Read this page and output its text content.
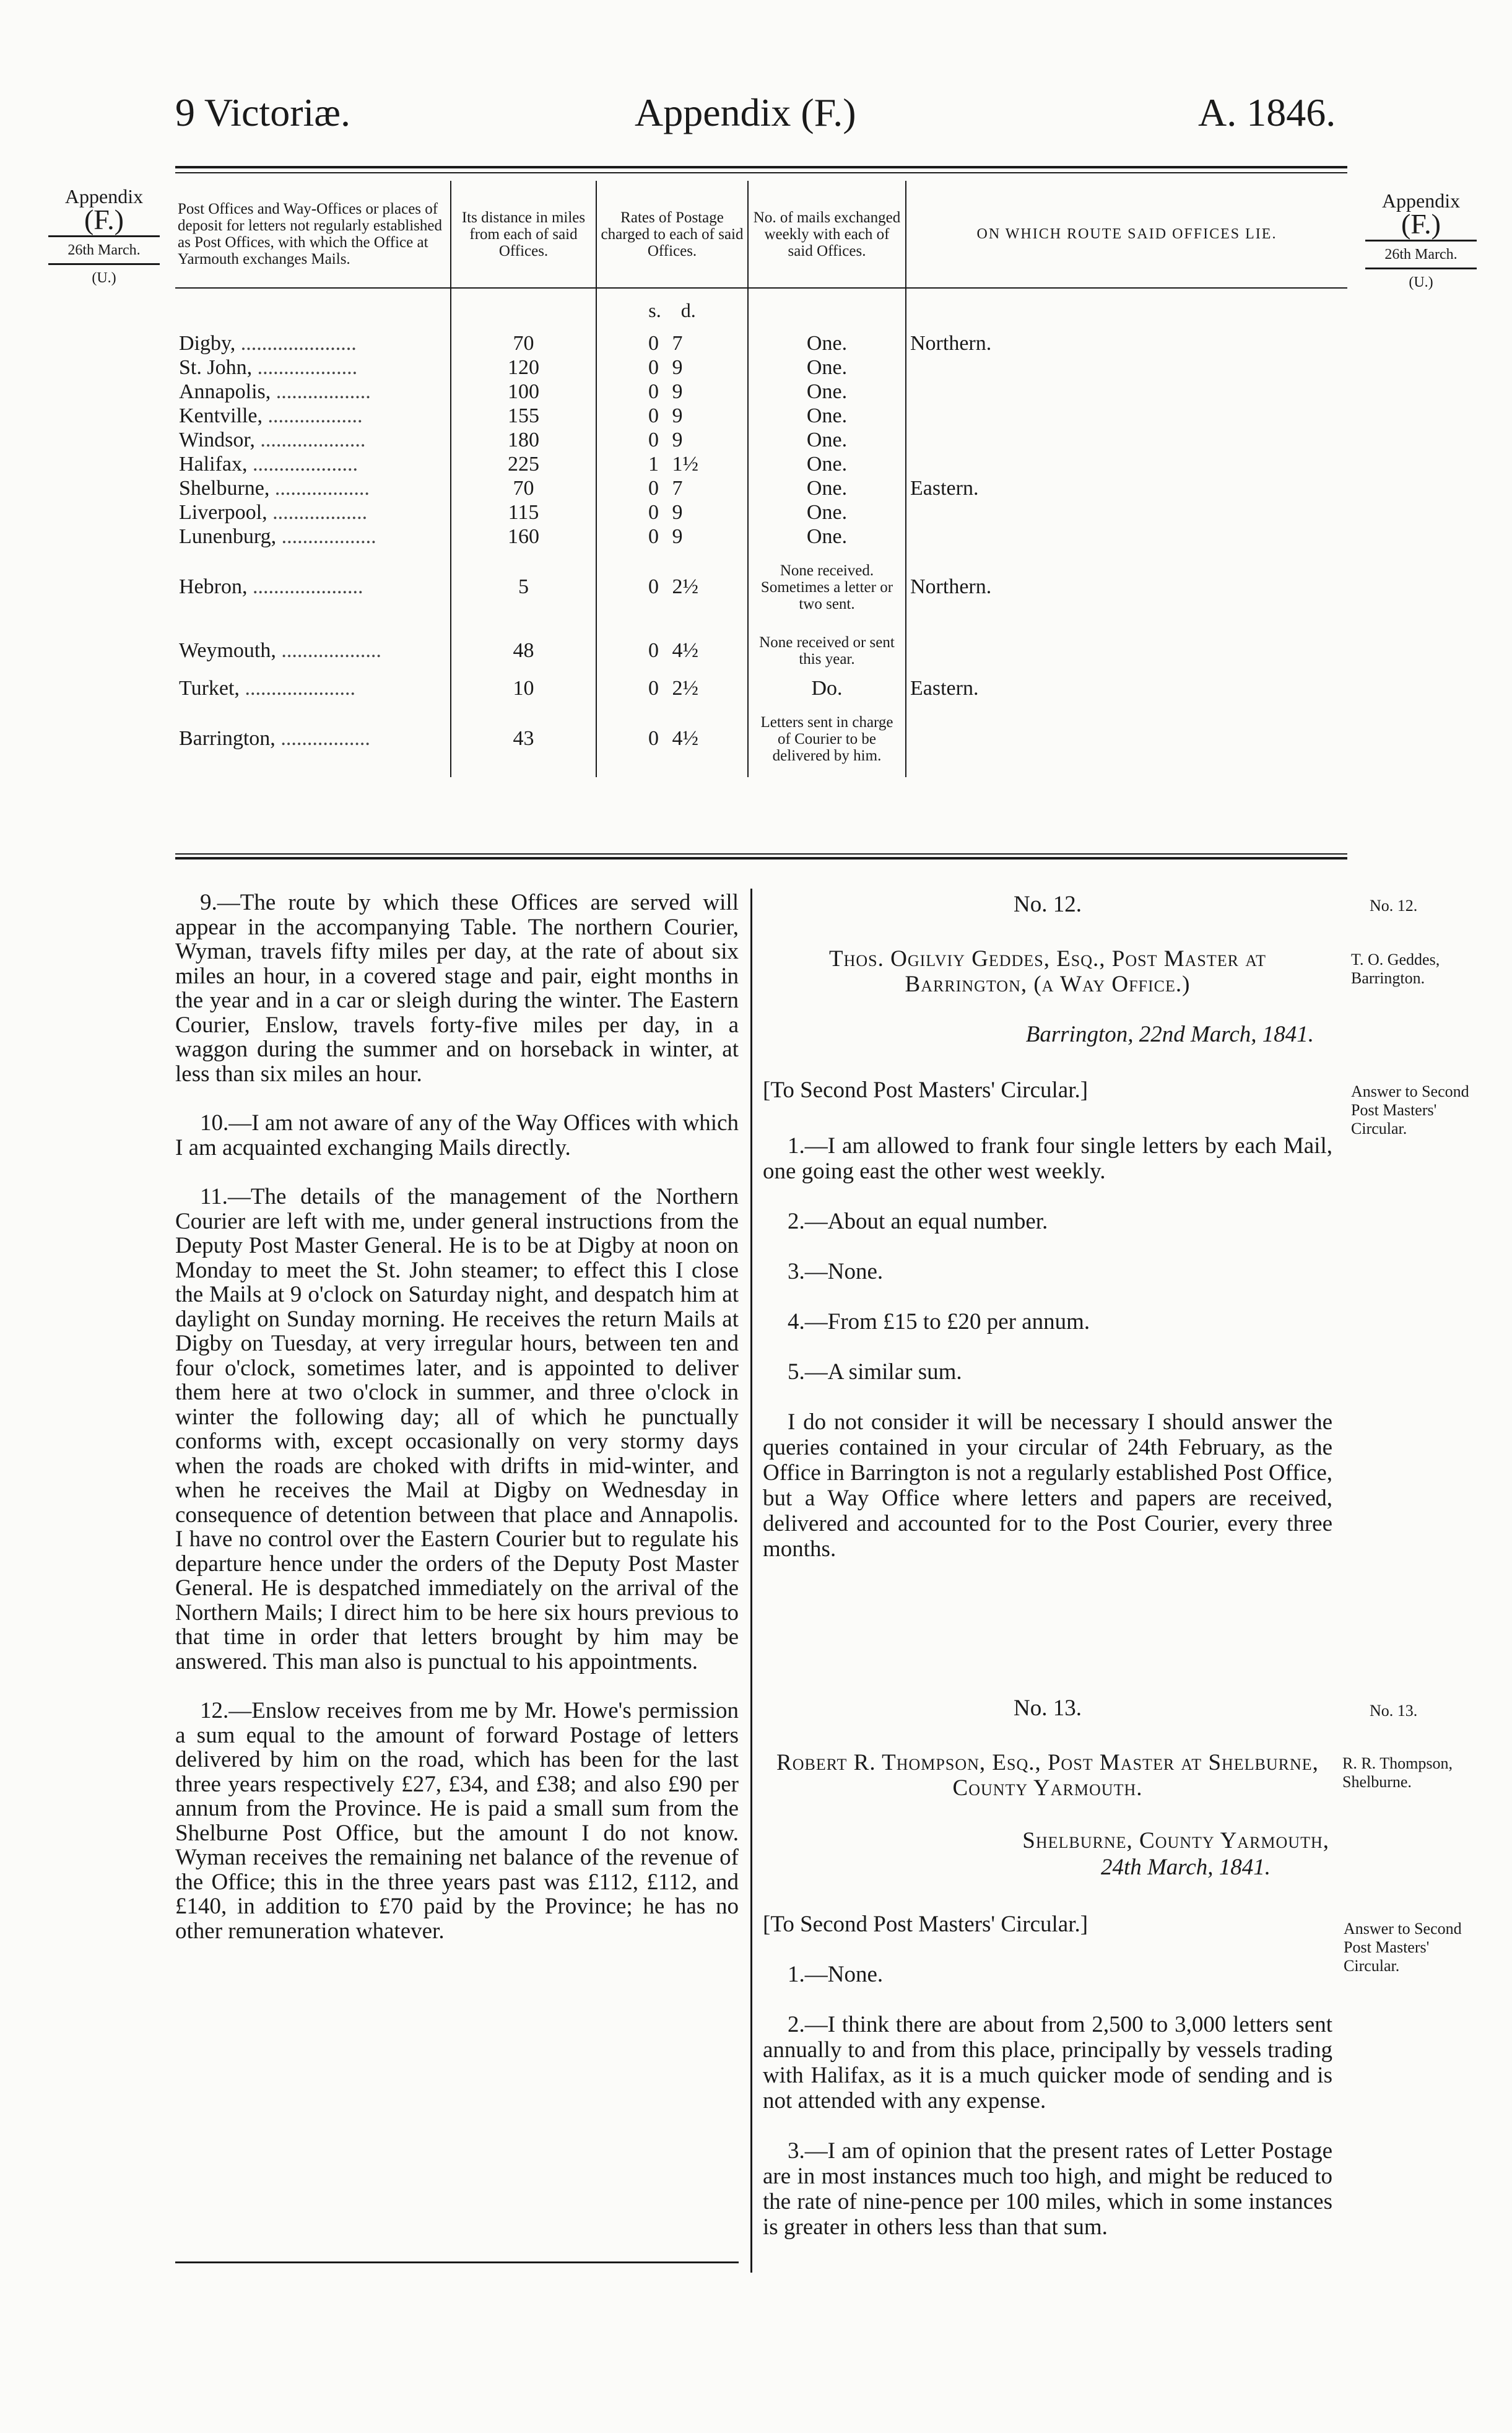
9 Victoriæ.	Appendix (F.)	A. 1846.
Appendix
(F.)
26th March.
(U.)
Appendix
(F.)
26th March.
(U.)
Post Offices and Way-Offices or places of deposit for letters not regularly established as Post Offices, with which the Office at Yarmouth exchanges Mails.	Its distance in miles from each of said Offices.	Rates of Postage charged to each of said Offices.	No. of mails exchanged weekly with each of said Offices.	ON WHICH ROUTE SAID OFFICES LIE.
		s. d.		
Digby, ......................	70	0 7	One.	Northern.
St. John, ...................	120	0 9	One.	
Annapolis, ..................	100	0 9	One.	
Kentville, ..................	155	0 9	One.	
Windsor, ....................	180	0 9	One.	
Halifax, ....................	225	1 1½	One.	
Shelburne, ..................	70	0 7	One.	Eastern.
Liverpool, ..................	115	0 9	One.	
Lunenburg, ..................	160	0 9	One.	
Hebron, .....................	5	0 2½	None received. Sometimes a letter or two sent.	Northern.
Weymouth, ...................	48	0 4½	None received or sent this year.	
Turket, .....................	10	0 2½	Do.	Eastern.
Barrington, .................	43	0 4½	Letters sent in charge of Courier to be delivered by him.	

9.—The route by which these Offices are served will appear in the accompanying Table. The northern Courier, Wyman, travels fifty miles per day, at the rate of about six miles an hour, in a covered stage and pair, eight months in the year and in a car or sleigh during the winter. The Eastern Courier, Enslow, travels forty-five miles per day, in a waggon during the summer and on horseback in winter, at less than six miles an hour.

10.—I am not aware of any of the Way Offices with which I am acquainted exchanging Mails directly.

11.—The details of the management of the Northern Courier are left with me, under general instructions from the Deputy Post Master General. He is to be at Digby at noon on Monday to meet the St. John steamer; to effect this I close the Mails at 9 o'clock on Saturday night, and despatch him at daylight on Sunday morning. He receives the return Mails at Digby on Tuesday, at very irregular hours, between ten and four o'clock, sometimes later, and is appointed to deliver them here at two o'clock in summer, and three o'clock in winter the following day; all of which he punctually conforms with, except occasionally on very stormy days when the roads are choked with drifts in mid-winter, and when he receives the Mail at Digby on Wednesday in consequence of detention between that place and Annapolis. I have no control over the Eastern Courier but to regulate his departure hence under the orders of the Deputy Post Master General. He is despatched immediately on the arrival of the Northern Mails; I direct him to be here six hours previous to that time in order that letters brought by him may be answered. This man also is punctual to his appointments.

12.—Enslow receives from me by Mr. Howe's permission a sum equal to the amount of forward Postage of letters delivered by him on the road, which has been for the last three years respectively £27, £34, and £38; and also £90 per annum from the Province. He is paid a small sum from the Shelburne Post Office, but the amount I do not know. Wyman receives the remaining net balance of the revenue of the Office; this in the three years past was £112, £112, and £140, in addition to £70 paid by the Province; he has no other remuneration whatever.

No. 12.	No. 12.
Thos. Ogilviy Geddes, Esq., Post Master at Barrington, (a Way Office.)
T. O. Geddes, Barrington.
Barrington, 22nd March, 1841.
[To Second Post Masters' Circular.]	Answer to Second Post Masters' Circular.

1.—I am allowed to frank four single letters by each Mail, one going east the other west weekly.

2.—About an equal number.

3.—None.

4.—From £15 to £20 per annum.

5.—A similar sum.

I do not consider it will be necessary I should answer the queries contained in your circular of 24th February, as the Office in Barrington is not a regularly established Post Office, but a Way Office where letters and papers are received, delivered and accounted for to the Post Courier, every three months.

No. 13.	No. 13.
Robert R. Thompson, Esq., Post Master at Shelburne, County Yarmouth.
R. R. Thompson, Shelburne.
Shelburne, County Yarmouth,
24th March, 1841.
[To Second Post Masters' Circular.]	Answer to Second Post Masters' Circular.

1.—None.

2.—I think there are about from 2,500 to 3,000 letters sent annually to and from this place, principally by vessels trading with Halifax, as it is a much quicker mode of sending and is not attended with any expense.

3.—I am of opinion that the present rates of Letter Postage are in most instances much too high, and might be reduced to the rate of nine-pence per 100 miles, which in some instances is greater in others less than that sum.
